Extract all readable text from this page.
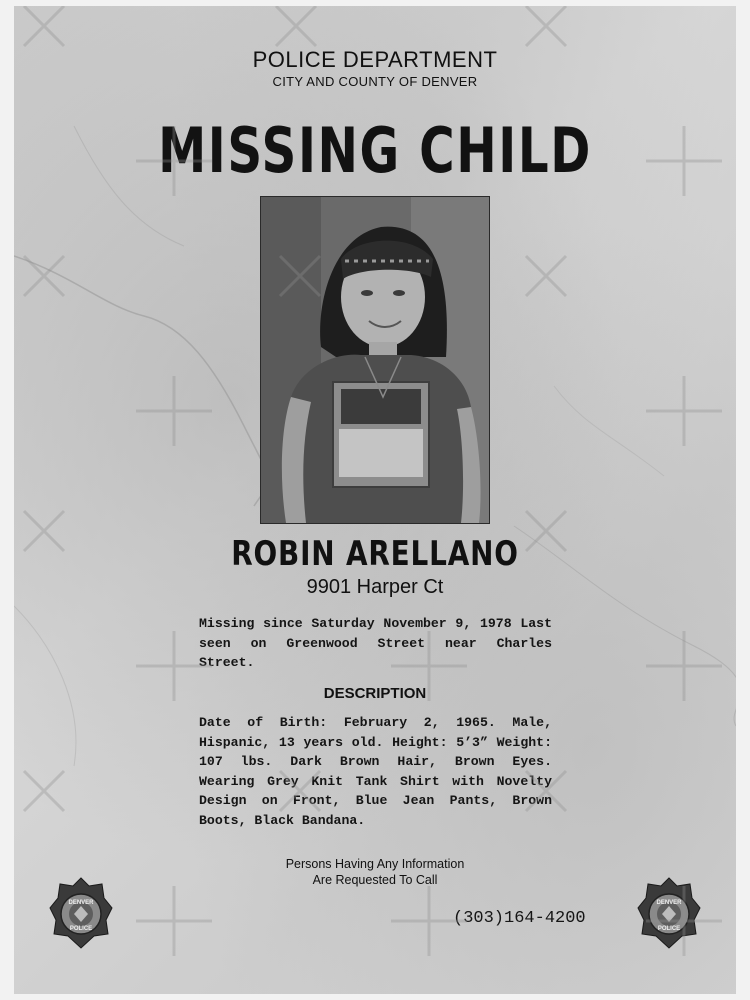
POLICE DEPARTMENT
CITY AND COUNTY OF DENVER
MISSING CHILD
ROBIN ARELLANO
9901 Harper Ct
Missing since Saturday November 9, 1978 Last seen on Greenwood Street near Charles Street.
DESCRIPTION
Date of Birth: February 2, 1965. Male, Hispanic, 13 years old. Height: 5’3” Weight: 107 lbs. Dark Brown Hair, Brown Eyes. Wearing Grey Knit Tank Shirt with Novelty Design on Front, Blue Jean Pants, Brown Boots, Black Bandana.
Persons Having Any Information
Are Requested To Call
(303)164-4200
DENVER
POLICE
DENVER
POLICE
